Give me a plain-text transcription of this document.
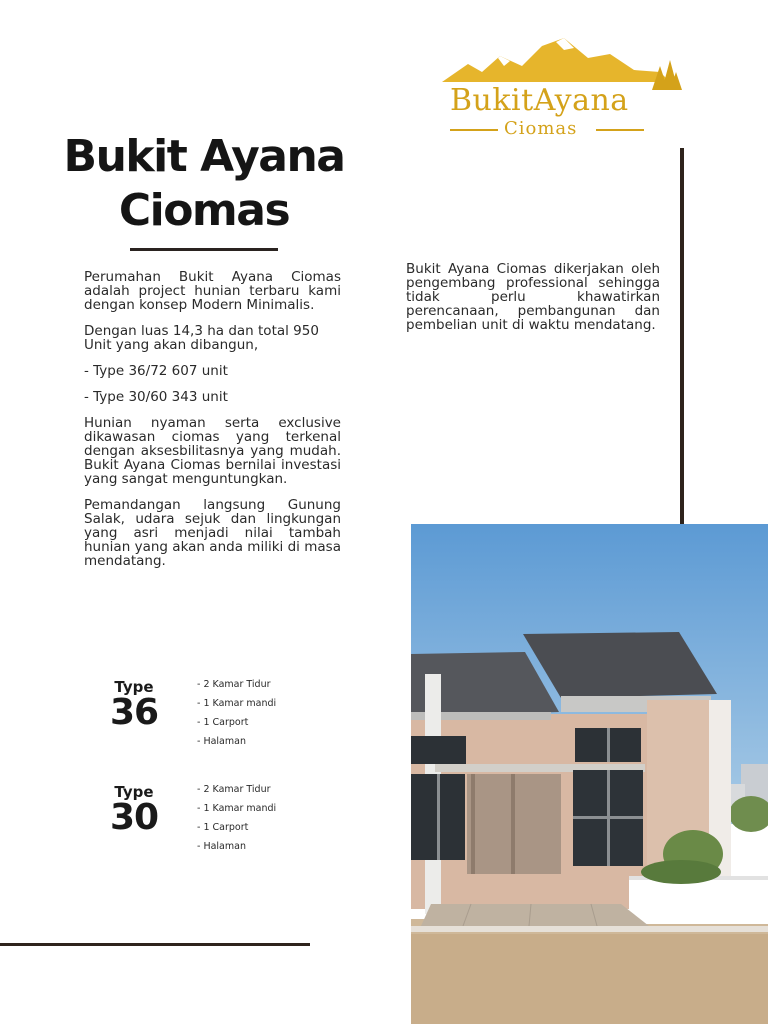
BukitAyana
Ciomas
Bukit Ayana
Ciomas

Perumahan Bukit Ayana Ciomas adalah project hunian terbaru kami dengan konsep Modern Minimalis.

Dengan luas 14,3 ha dan total 950 Unit yang akan dibangun,

- Type 36/72 607 unit

- Type 30/60 343 unit

Hunian nyaman serta exclusive dikawasan ciomas yang terkenal dengan aksesbilitasnya yang mudah. Bukit Ayana Ciomas bernilai investasi yang sangat menguntungkan.

Pemandangan langsung Gunung Salak, udara sejuk dan lingkungan yang asri menjadi nilai tambah hunian yang akan anda miliki di masa mendatang.

Bukit Ayana Ciomas dikerjakan oleh pengembang professional sehingga tidak perlu khawatirkan perencanaan, pembangunan dan pembelian unit di waktu mendatang.

Type
36
- 2 Kamar Tidur
- 1 Kamar mandi
- 1 Carport
- Halaman
Type
30
- 2 Kamar Tidur
- 1 Kamar mandi
- 1 Carport
- Halaman
